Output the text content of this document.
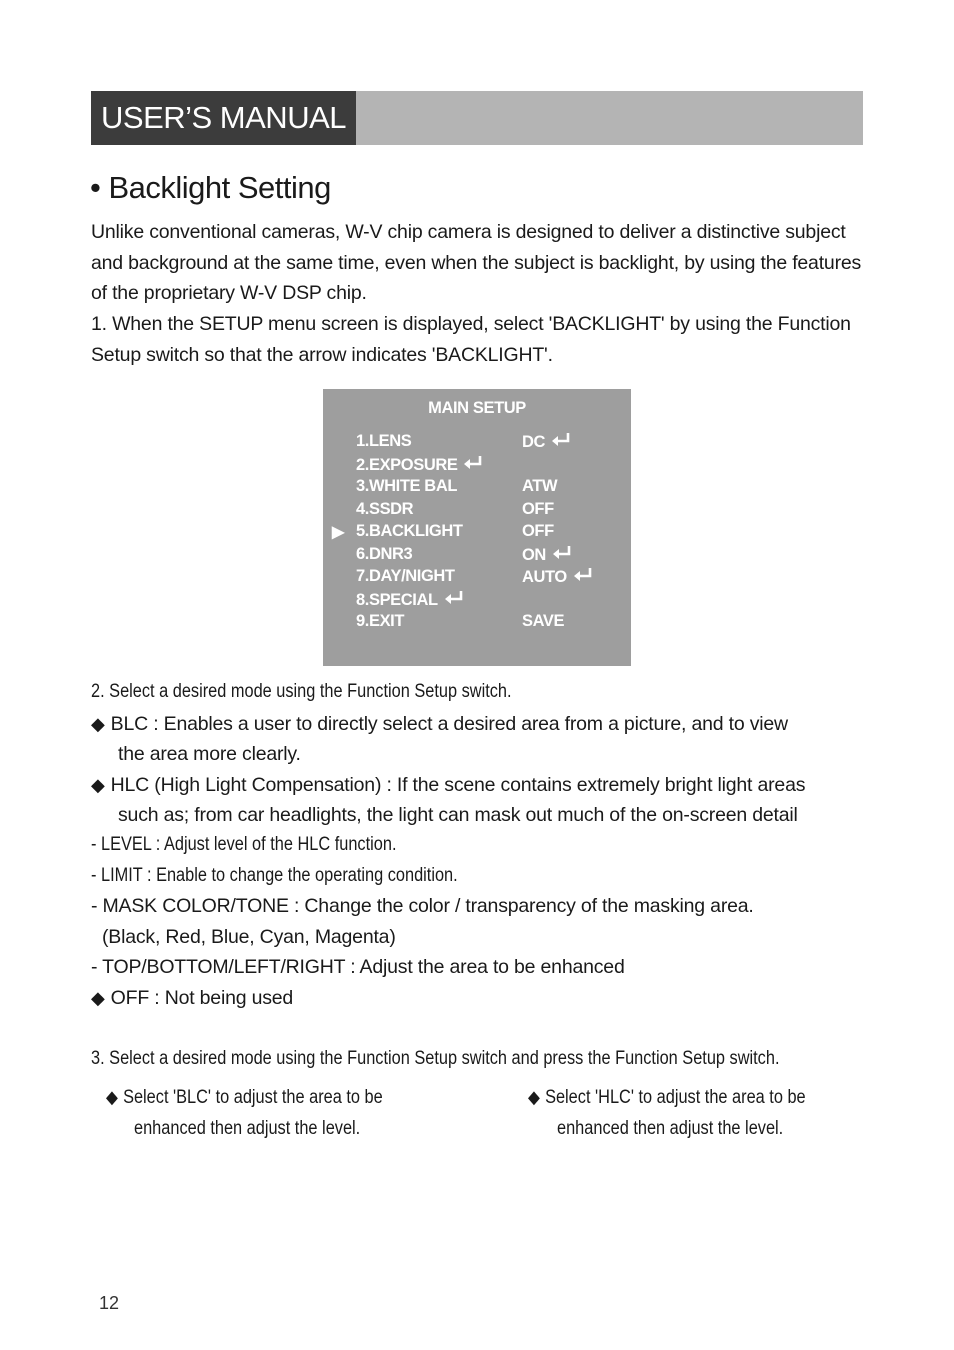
USER’S MANUAL
• Backlight Setting
Unlike conventional cameras, W-V chip camera is designed to deliver a distinctive subject and background at the same time, even when the subject is backlight, by using the features of the proprietary W-V DSP chip.
1. When the SETUP menu screen is displayed, select 'BACKLIGHT' by using the Function Setup switch so that the arrow indicates 'BACKLIGHT'.
MAIN SETUP
1.LENS	DC
2.EXPOSURE
3.WHITE BAL	ATW
4.SSDR	OFF
▶ 5.BACKLIGHT	OFF
6.DNR3	ON
7.DAY/NIGHT	AUTO
8.SPECIAL
9.EXIT	SAVE
2. Select a desired mode using the Function Setup switch.
◆ BLC : Enables a user to directly select a desired area from a picture, and to view
the area more clearly.
◆ HLC (High Light Compensation) : If the scene contains extremely bright light areas
such as; from car headlights, the light can mask out much of the on-screen detail
- LEVEL : Adjust level of the HLC function.
- LIMIT : Enable to change the operating condition.
- MASK COLOR/TONE : Change the color / transparency of the masking area.
(Black, Red, Blue, Cyan, Magenta)
- TOP/BOTTOM/LEFT/RIGHT : Adjust the area to be enhanced
◆ OFF : Not being used
3. Select a desired mode using the Function Setup switch and press the Function Setup switch.
◆ Select 'BLC' to adjust the area to be
enhanced then adjust the level.
◆ Select 'HLC' to adjust the area to be
enhanced then adjust the level.
12
